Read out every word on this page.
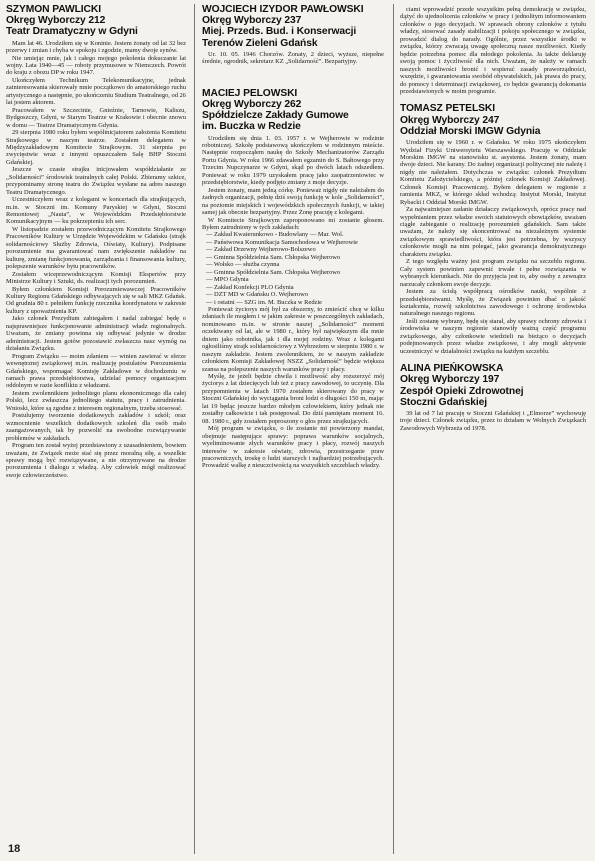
SZYMON PAWLICKI
Okręg Wyborczy 212
Teatr Dramatyczny w Gdyni

Mam lat 46. Urodziłem się w Koninie. Jestem żonaty od lat 32 bez przerwy i zmian i chyba w spokoju i zgodzie, mamy dwoje synów.

Nie umiejąc mnie, jak i całego mojego pokolenia dokuczanie lat wojny. Lata 1940—45 — roboty przymusowe w Niemczech. Powrót do kraju z obozu DP w roku 1947.

Ukończyłem Technikum Telekomunikacyjne, jednak zainteresowania skierowały mnie początkowo do amatorskiego ruchu artystycznego a następnie, po ukończeniu Studium Teatralnego, od 26 lat jestem aktorem.

Pracowałem w Szczecinie, Gnieźnie, Tarnowie, Kaliszu, Bydgoszczy, Gdyni, w Starym Teatrze w Krakowie i obecnie znowu w domu — Teatrze Dramatycznym Gdynia.

29 sierpnia 1980 roku byłem współinicjatorem założenia Komitetu Strajkowego w naszym teatrze. Zostałem delegatem w Międzyzakładowym Komitecie Strajkowym. 31 sierpnia po zwycięstwie wraz z innymi opuszczałem Salę BHP Stoczni Gdańskiej.

Jeszcze w czasie strajku inicjowałem współdziałanie ze „Solidarności” środowisk teatralnych całej Polski. Zbieramy szkice, przypominamy stronę teatru do Związku wysłane na adres naszego Teatru Dramatycznego.

Uczestniczyłem wraz z kolegami w koncertach dla strajkujących, m.in. w Stoczni im. Komuny Paryskiej w Gdyni, Stoczni Remontowej „Nauta”, w Wojewódzkim Przedsiębiorstwie Komunikacyjnym — ku pokrzepieniu ich serc.

W listopadzie zostałem przewodniczącym Komitetu Strajkowego Pracowników Kultury w Urzędzie Wojewódzkim w Gdańsku (strajk solidarnościowy Służby Zdrowia, Oświaty, Kultury). Podpisane porozumienie ma gwarantować nam zwiększenie nakładów na kulturę, zmianę funkcjonowania, zarządzania i finansowania kultury, polepszenie warunków bytu pracowników.

Zostałem wiceprzewodniczącym Komisji Ekspertów przy Ministrze Kultury i Sztuki, ds. realizacji tych porozumień.

Byłem członkiem Komisji Porozumiewawczej Pracowników Kultury Regionu Gdańskiego odbywających się w sali MKZ Gdańsk. Od grudnia 80 r. pełniłem funkcję rzecznika koordynatora w zakresie kultury z upoważnienia KP.

Jako członek Prezydium zabiegałem i nadal zabiegać będę o najsprawniejsze funkcjonowanie administracji władz regionalnych. Uważam, że zmiany powinna się odbywać jedynie w drodze administracji. Jestem gotów pozostawić zwłaszcza nasz wymóg na działaniu Związku.

Program Związku — moim zdaniem — winien zawierać w sferze wewnętrznej związkowej m.in. realizację postulatów Porozumienia Gdańskiego, wspomagać Komisję Zakładowe w dochodzeniu w ramach prawa przedsiębiorstwa, udzielać pomocy organizacjom oddolnym w razie konfliktu z władzami.

Jestem zwolennikiem jednolitego planu ekonomicznego dla całej Polski, lecz zwłaszcza jednolitego statutu, pracy i zatrudnienia. Wnioski, które są zgodne z interesem regionalnym, trzeba stosować.

Postulujemy tworzenie dodatkowych zakładów i szkół; oraz wzmocnienie wszelkich dodatkowych szkoleń dla osób mało zaangażowanych, tak by pozwolić na swobodne rozwiązywanie problemów w zakładach.

Program ten został wyżej przedstawiony z uzasadnieniem, bowiem uważam, że Związek może stać się przez moralną siłę, a wszelkie sprawy mogą być rozwiązywane, a nie otrzymywane na drodze porozumienia i dialogu z władzą. Aby człowiek mógł realizować swoje człowieczeństwo.

WOJCIECH IZYDOR PAWŁOWSKI
Okręg Wyborczy 237
Miej. Przeds. Bud. i Konserwacji
Terenów Zieleni Gdańsk

Ur. 10. 05. 1946 Chorzów. Żonaty, 2 dzieci, wyższe, niepełne średnie, ogrodnik, sekretarz KZ „Solidarność”. Bezpartyjny.

MACIEJ PELOWSKI
Okręg Wyborczy 262
Spółdzielcze Zakłady Gumowe
im. Buczka w Redzie

Urodziłem się dnia 1. 03. 1957 r. w Wejherowie w rodzinie robotniczej. Szkołę podstawową ukończyłem w rodzinnym mieście. Następnie rozpocząłem naukę do Szkoły Mechanizatorów Zarządu Portu Gdynia. W roku 1966 zdawałem egzamin do S. Bałtowego przy Trzecim Nupczynarze w Gdyni, skąd po dwóch latach odszedłem. Ponieważ w roku 1979 uzyskałem pracę jako zaopatrzeniowiec w przedsiębiorstwie, kiedy podjęto zmiany z moje decyzje.

Jestem żonaty, mam jedną córkę. Ponieważ nigdy nie należałem do żadnych organizacji, pełnię dziś swoją funkcję w kole „Solidarności”, na poziomie miejskich i wojewódzkich społecznych funkcji, w takiej samej jak obecnie bezpartyjny. Przez Żonę pracuję z kolegami.

W Komitecie Strajkowym zaproponowano mi zostanie głosem. Byłem zatrudniony w tych zakładach:

— Zakład Kwaterunkowo - Budowlany — Mar. Wol.
— Państwowa Komunikacja Samochodowa w Wejherowie
— Zakład Drzewny Wejherowo-Bolszewo
— Gminna Spółdzielnia Sam. Chłopska Wejherowo
— Wołsko — służba czynna
— Gminna Spółdzielnia Sam. Chłopska Wejherowo
— MPO Gdynia
— Zakład Konfekcji PLO Gdynia
— DZT MD w Gdańsku O. Wejherowo
— i ostatni — SZG im. M. Buczka w Redzie

Ponieważ życiorys mój był za obszerny, to zmieścić chcę w kilku zdaniach ile mogłem i w jakim zakresie w poszczególnych zakładach, nominowano m.in. w stronie naszej „Solidarności” moment oczekiwany od lat, ale w 1980 r., który był największym dla mnie dniem jako robotnika, jak i dla mojej rodziny. Wraz z kolegami ogłosiliśmy strajk solidarnościowy z Wybrzeżem w sierpniu 1980 r. w naszym zakładzie. Jestem zwolennikiem, że w naszym zakładzie członkiem Komisji Zakładowej NSZZ „Solidarność” będzie większa szansa na polepszenie naszych warunków pracy i płacy.

Myślę, że jeżeli będzie chwila i możliwość aby rozszerzyć mój życiorys z lat dziecięcych lub też z pracy zawodowej, to uczynię. Dla przypomnienia w latach 1970 zostałem skierowany do pracy w Stoczni Gdańskiej do wyciągania broni łodzi o długości 150 m, mając lat 19 będąc jeszcze bardzo młodym człowiekiem, który jednak nie zostałby całkowicie i tak postępował. Do dziś pamiętam moment 16. 08. 1980 r., gdy zostałem poproszony o głos przez strajkujących.

Mój program w związku, o ile zostanie mi powierzony mandat, obejmuje następujące sprawy: poprawa warunków socjalnych, wyeliminowanie złych warunków pracy i płacy, rozwój naszych interesów w zakresie oświaty, zdrowia, przestrzeganie praw pracowniczych, troskę o ludzi starszych i najbardziej potrzebujących. Prowadzić walkę z nieuczciwością na wszystkich szczeblach władzy.

ciami wprowadzić przede wszystkim pełną demokrację w związku, dążyć do ujednolicenia członków w pracy i jednolitym informowaniem członków o jego decyzjach. W sprawach obrony członków z tytułu władzy, stosować zasady stabilizacji i pokoju społecznego w związku, prowadzić dialog do narady. Ogólnie, przez wszystkie środki w związku, którzy zwracają uwagę społeczną nasze możliwości. Kiedy będzie potrzebna pomoc dla młodego pokolenia. Ja także deklaruję swoją pomoc i życzliwość dla nich. Uważam, że należy w ramach naszych możliwości bronić i wspierać zasady praworządności, wszędzie, i gwarantowania swobód obywatelskich, jak prawa do pracy, do pomocy i determinacji związkowej, co będzie gwarancją dokonania przedstawionych w moim programie.

TOMASZ PETELSKI
Okręg Wyborczy 247
Oddział Morski IMGW Gdynia

Urodziłem się w 1960 r. w Gdańsku. W roku 1975 ukończyłem Wydział Fizyki Uniwersytetu Warszawskiego. Pracuję w Oddziale Morskim IMGW na stanowisku st. asystenta. Jestem żonaty, mam dwoje dzieci. Nie karany. Do żadnej organizacji politycznej nie należę i nigdy nie należałem. Dotychczas w związku: członek Prezydium Komitetu Założycielskiego, a później członek Komisji Zakładowej. Członek Komisji Pracowniczej. Byłem delegatem w regionie z ramienia MKZ, w którego skład wchodzą: Instytut Morski, Instytut Rybacki i Oddział Morski IMGW.

Za najważniejsze zadanie działaczy związkowych, oprócz pracy nad wypełnianiem przez władze swoich statutowych obowiązków, uważam ciągłe zabieganie o realizację porozumień gdańskich. Sam także uważam, że należy się skoncentrować na niezależnym systemie związkowym sprawiedliwości, która jest potrzebna, by wszyscy członkowie mogli na nim polegać, jako gwarancja demokratycznego charakteru związku.

Z tego względu ważny jest program związku na szczeblu regionu. Cały system powinien zapewnić trwałe i pełne rozwiązania w wybranych kierunkach. Nie do przyjęcia jest to, aby osoby z zewnątrz narzucały członkom swoje decyzje.

Jestem za ścisłą współpracą ośrodków nauki, wspólnie z przedsiębiorstwami. Myślę, że Związek powinien dbać o jakość kształcenia, rozwój szkolnictwa zawodowego i ochronę środowiska naturalnego naszego regionu.

Jeśli zostanę wybrany, będę się starał, aby sprawy ochrony zdrowia i środowiska w naszym regionie stanowiły ważną część programu związkowego, aby członkowie wiedzieli na bieżąco o decyzjach podejmowanych przez władze związkowe, i aby mogli aktywnie uczestniczyć w działalności związku na każdym szczeblu.

ALINA PIEŃKOWSKA
Okręg Wyborczy 197
Zespół Opieki Zdrowotnej
Stoczni Gdańskiej

39 lat od 7 lat pracuję w Stoczni Gdańskiej i „Elmorze” wychowuję troje dzieci. Członek związku, przez to działam w Wolnych Związkach Zawodowych Wybrzeża od 1978.

18
